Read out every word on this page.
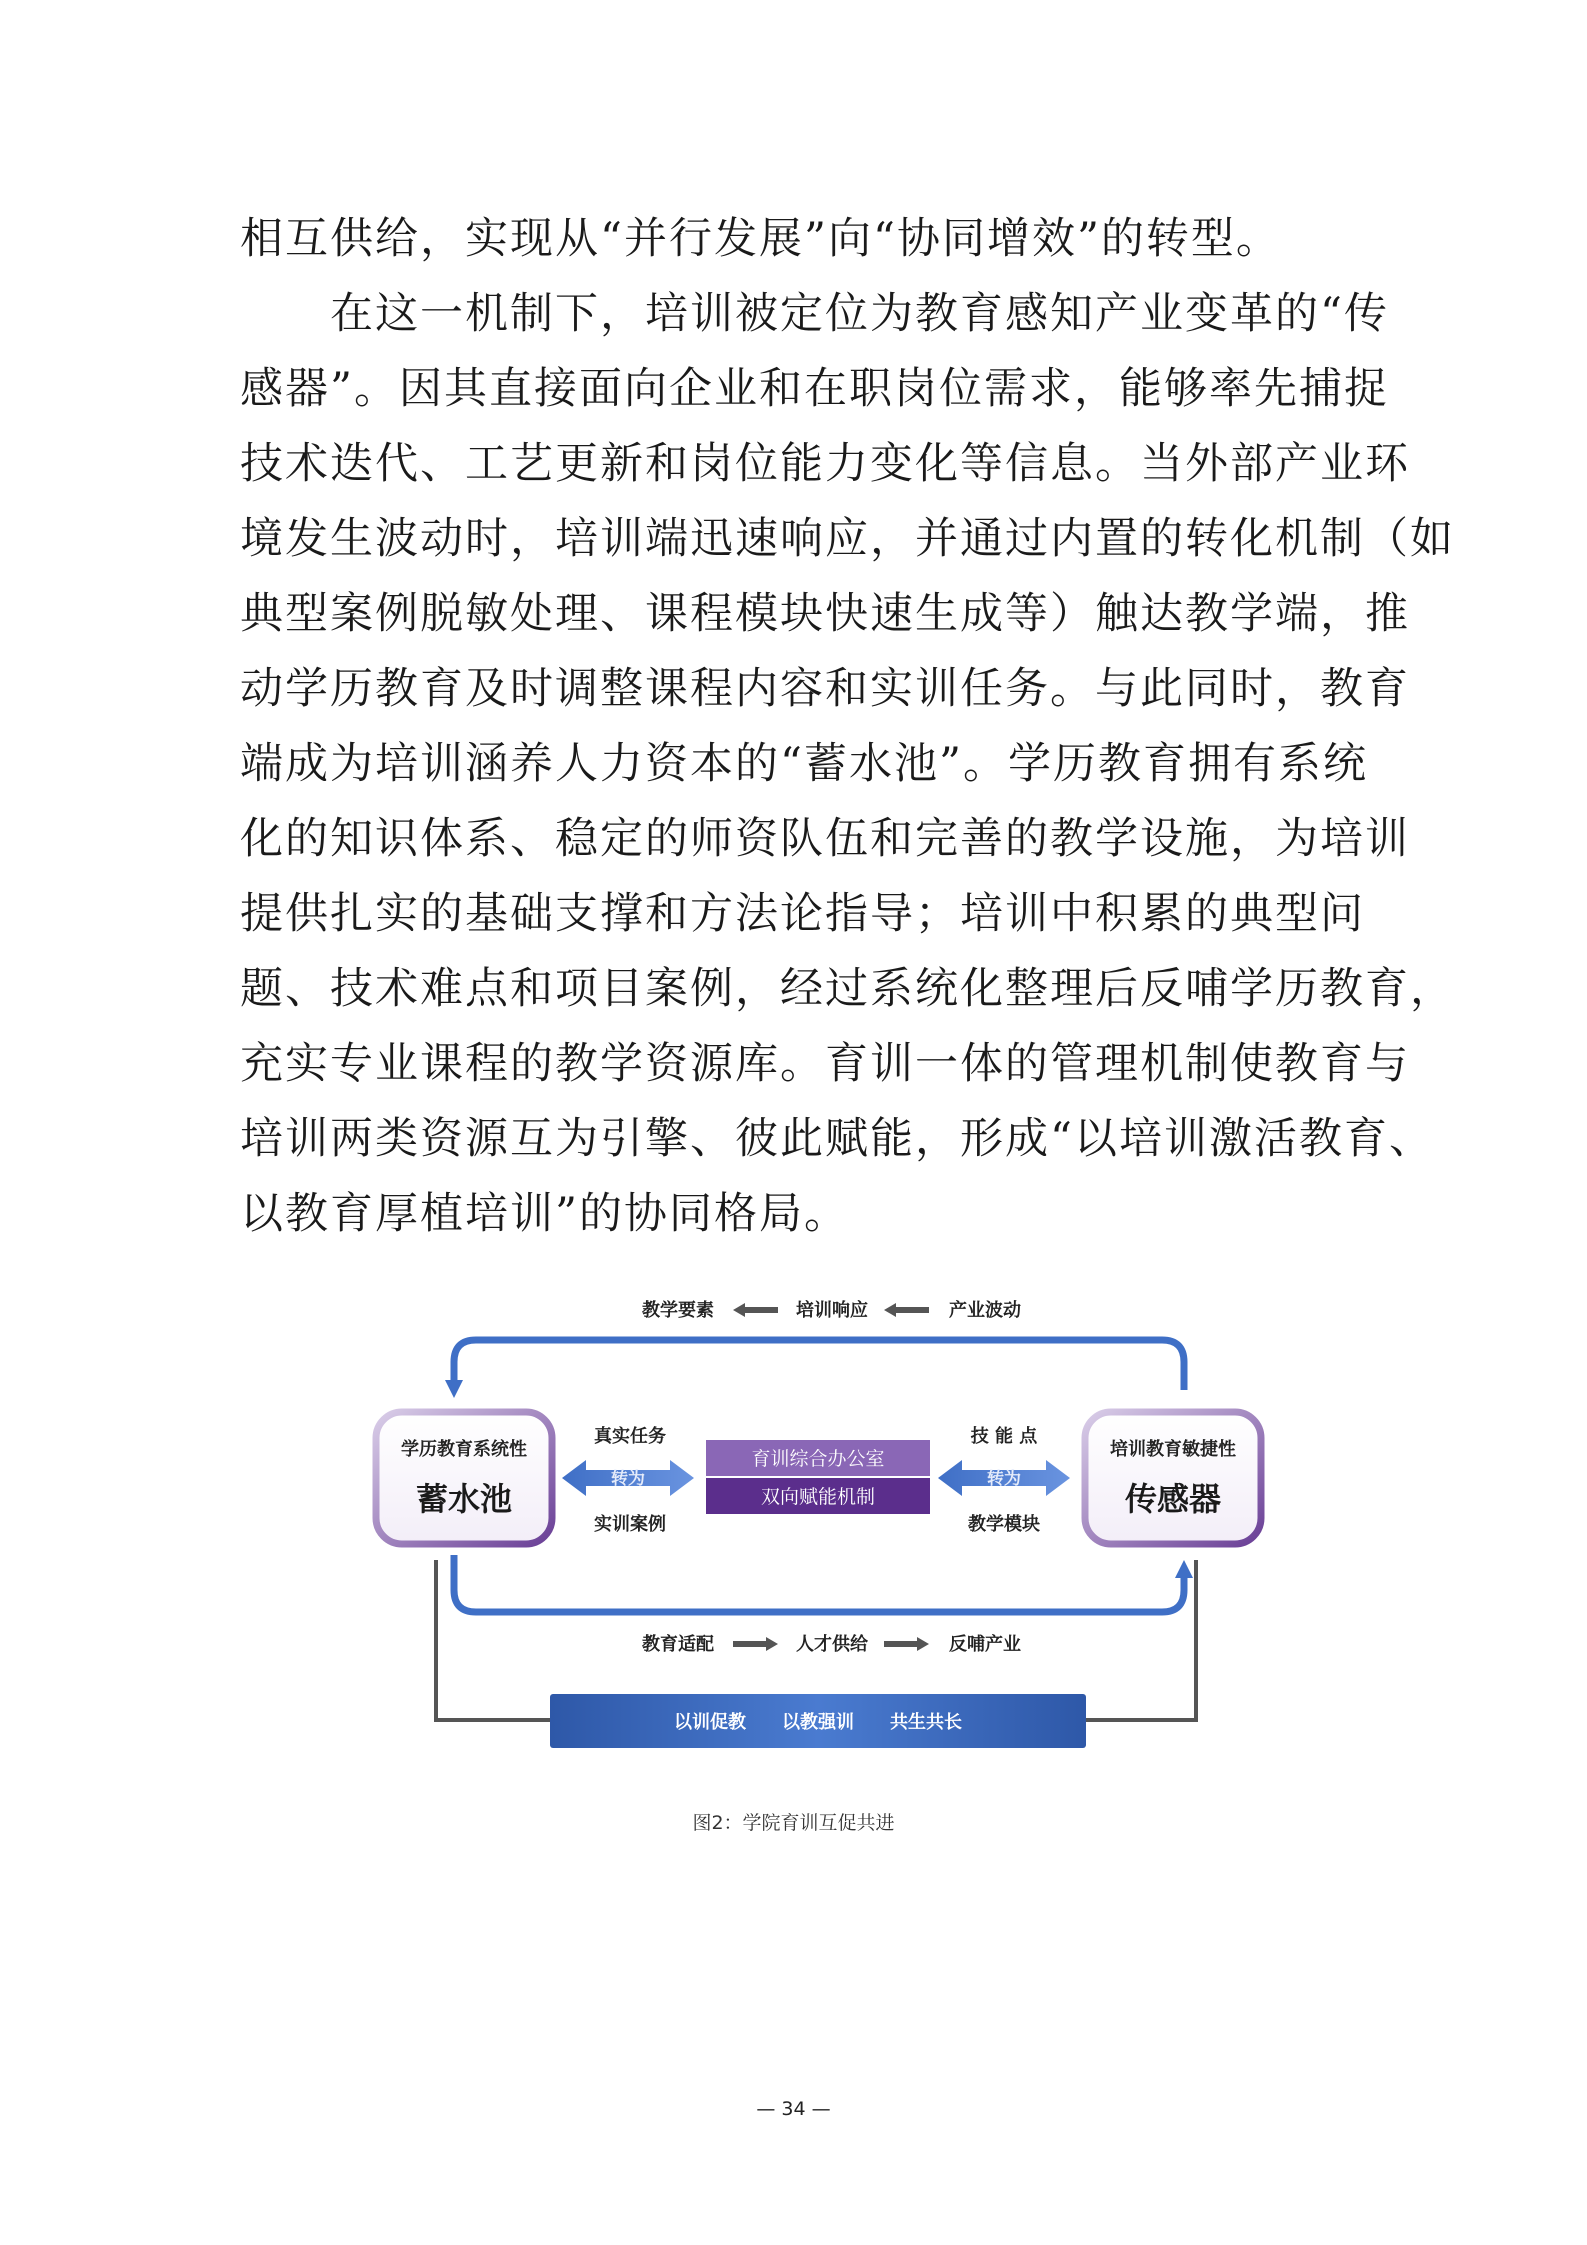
相互供给，实现从“并行发展”向“协同增效”的转型。
　　在这一机制下，培训被定位为教育感知产业变革的“传
感器”。因其直接面向企业和在职岗位需求，能够率先捕捉
技术迭代、工艺更新和岗位能力变化等信息。当外部产业环
境发生波动时，培训端迅速响应，并通过内置的转化机制（如
典型案例脱敏处理、课程模块快速生成等）触达教学端，推
动学历教育及时调整课程内容和实训任务。与此同时，教育
端成为培训涵养人力资本的“蓄水池”。学历教育拥有系统
化的知识体系、稳定的师资队伍和完善的教学设施，为培训
提供扎实的基础支撑和方法论指导；培训中积累的典型问
题、技术难点和项目案例，经过系统化整理后反哺学历教育，
充实专业课程的教学资源库。育训一体的管理机制使教育与
培训两类资源互为引擎、彼此赋能，形成“以培训激活教育、
以教育厚植培训”的协同格局。
教学要素	培训响应	产业波动
学历教育系统性
蓄水池
培训教育敏捷性
传感器
育训综合办公室
双向赋能机制
真实任务
转为
实训案例
技 能 点
转为
教学模块
教育适配	人才供给	反哺产业
以训促教 以教强训 共生共长
图2：学院育训互促共进
— 34 —
